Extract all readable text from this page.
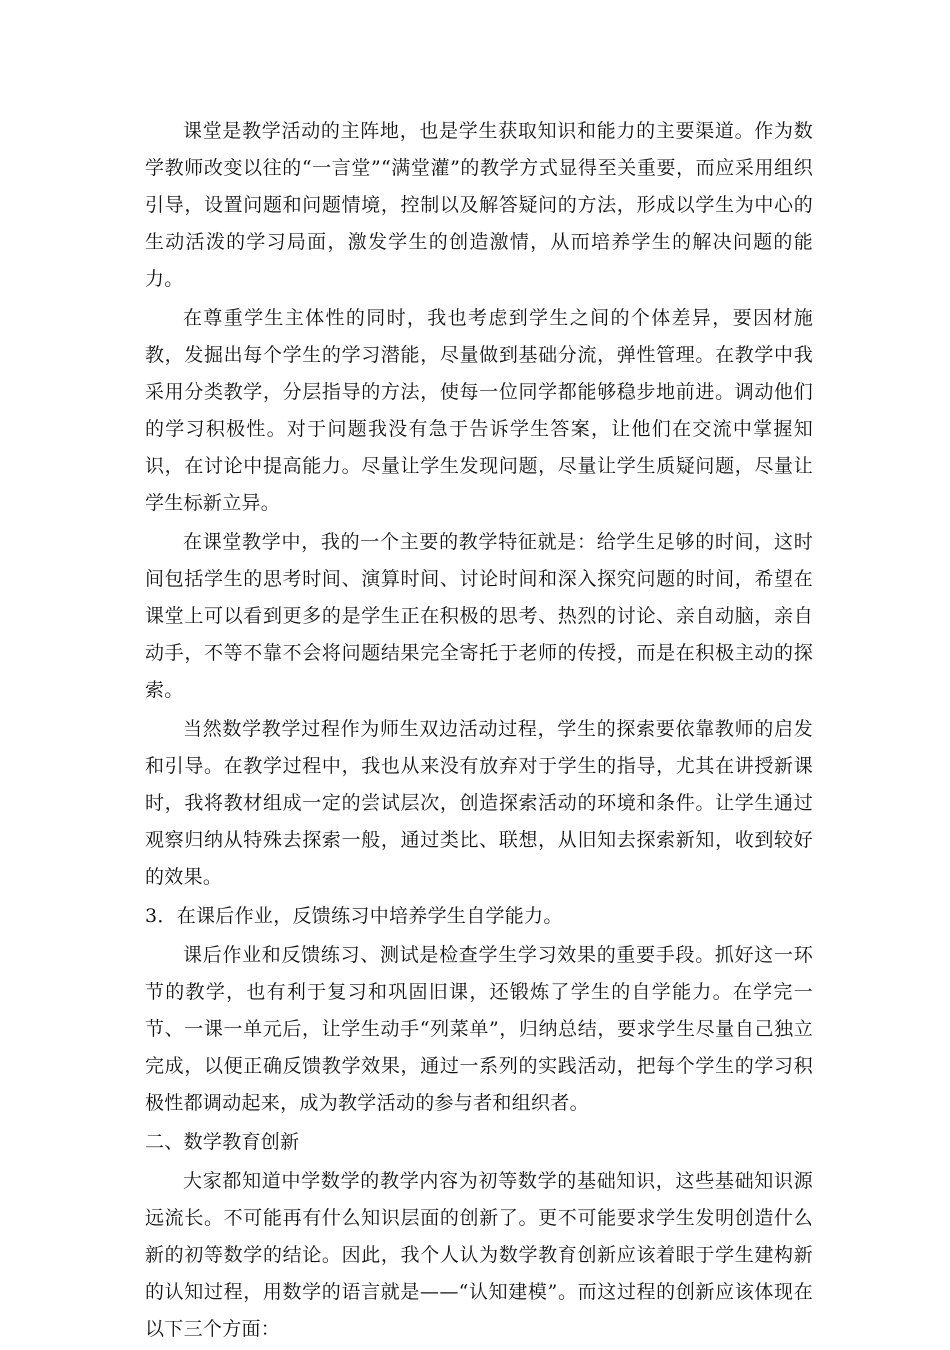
课堂是教学活动的主阵地，也是学生获取知识和能力的主要渠道。作为数学教师改变以往的“一言堂”“满堂灌”的教学方式显得至关重要，而应采用组织引导，设置问题和问题情境，控制以及解答疑问的方法，形成以学生为中心的生动活泼的学习局面，激发学生的创造激情，从而培养学生的解决问题的能力。

在尊重学生主体性的同时，我也考虑到学生之间的个体差异，要因材施教，发掘出每个学生的学习潜能，尽量做到基础分流，弹性管理。在教学中我采用分类教学，分层指导的方法，使每一位同学都能够稳步地前进。调动他们的学习积极性。对于问题我没有急于告诉学生答案，让他们在交流中掌握知识，在讨论中提高能力。尽量让学生发现问题，尽量让学生质疑问题，尽量让学生标新立异。

在课堂教学中，我的一个主要的教学特征就是：给学生足够的时间，这时间包括学生的思考时间、演算时间、讨论时间和深入探究问题的时间，希望在课堂上可以看到更多的是学生正在积极的思考、热烈的讨论、亲自动脑，亲自动手，不等不靠不会将问题结果完全寄托于老师的传授，而是在积极主动的探索。

当然数学教学过程作为师生双边活动过程，学生的探索要依靠教师的启发和引导。在教学过程中，我也从来没有放弃对于学生的指导，尤其在讲授新课时，我将教材组成一定的尝试层次，创造探索活动的环境和条件。让学生通过观察归纳从特殊去探索一般，通过类比、联想，从旧知去探索新知，收到较好的效果。

3．在课后作业，反馈练习中培养学生自学能力。

课后作业和反馈练习、测试是检查学生学习效果的重要手段。抓好这一环节的教学，也有利于复习和巩固旧课，还锻炼了学生的自学能力。在学完一节、一课一单元后，让学生动手“列菜单”，归纳总结，要求学生尽量自己独立完成，以便正确反馈教学效果，通过一系列的实践活动，把每个学生的学习积极性都调动起来，成为教学活动的参与者和组织者。

二、数学教育创新

大家都知道中学数学的教学内容为初等数学的基础知识，这些基础知识源远流长。不可能再有什么知识层面的创新了。更不可能要求学生发明创造什么新的初等数学的结论。因此，我个人认为数学教育创新应该着眼于学生建构新的认知过程，用数学的语言就是——“认知建模”。而这过程的创新应该体现在以下三个方面：
